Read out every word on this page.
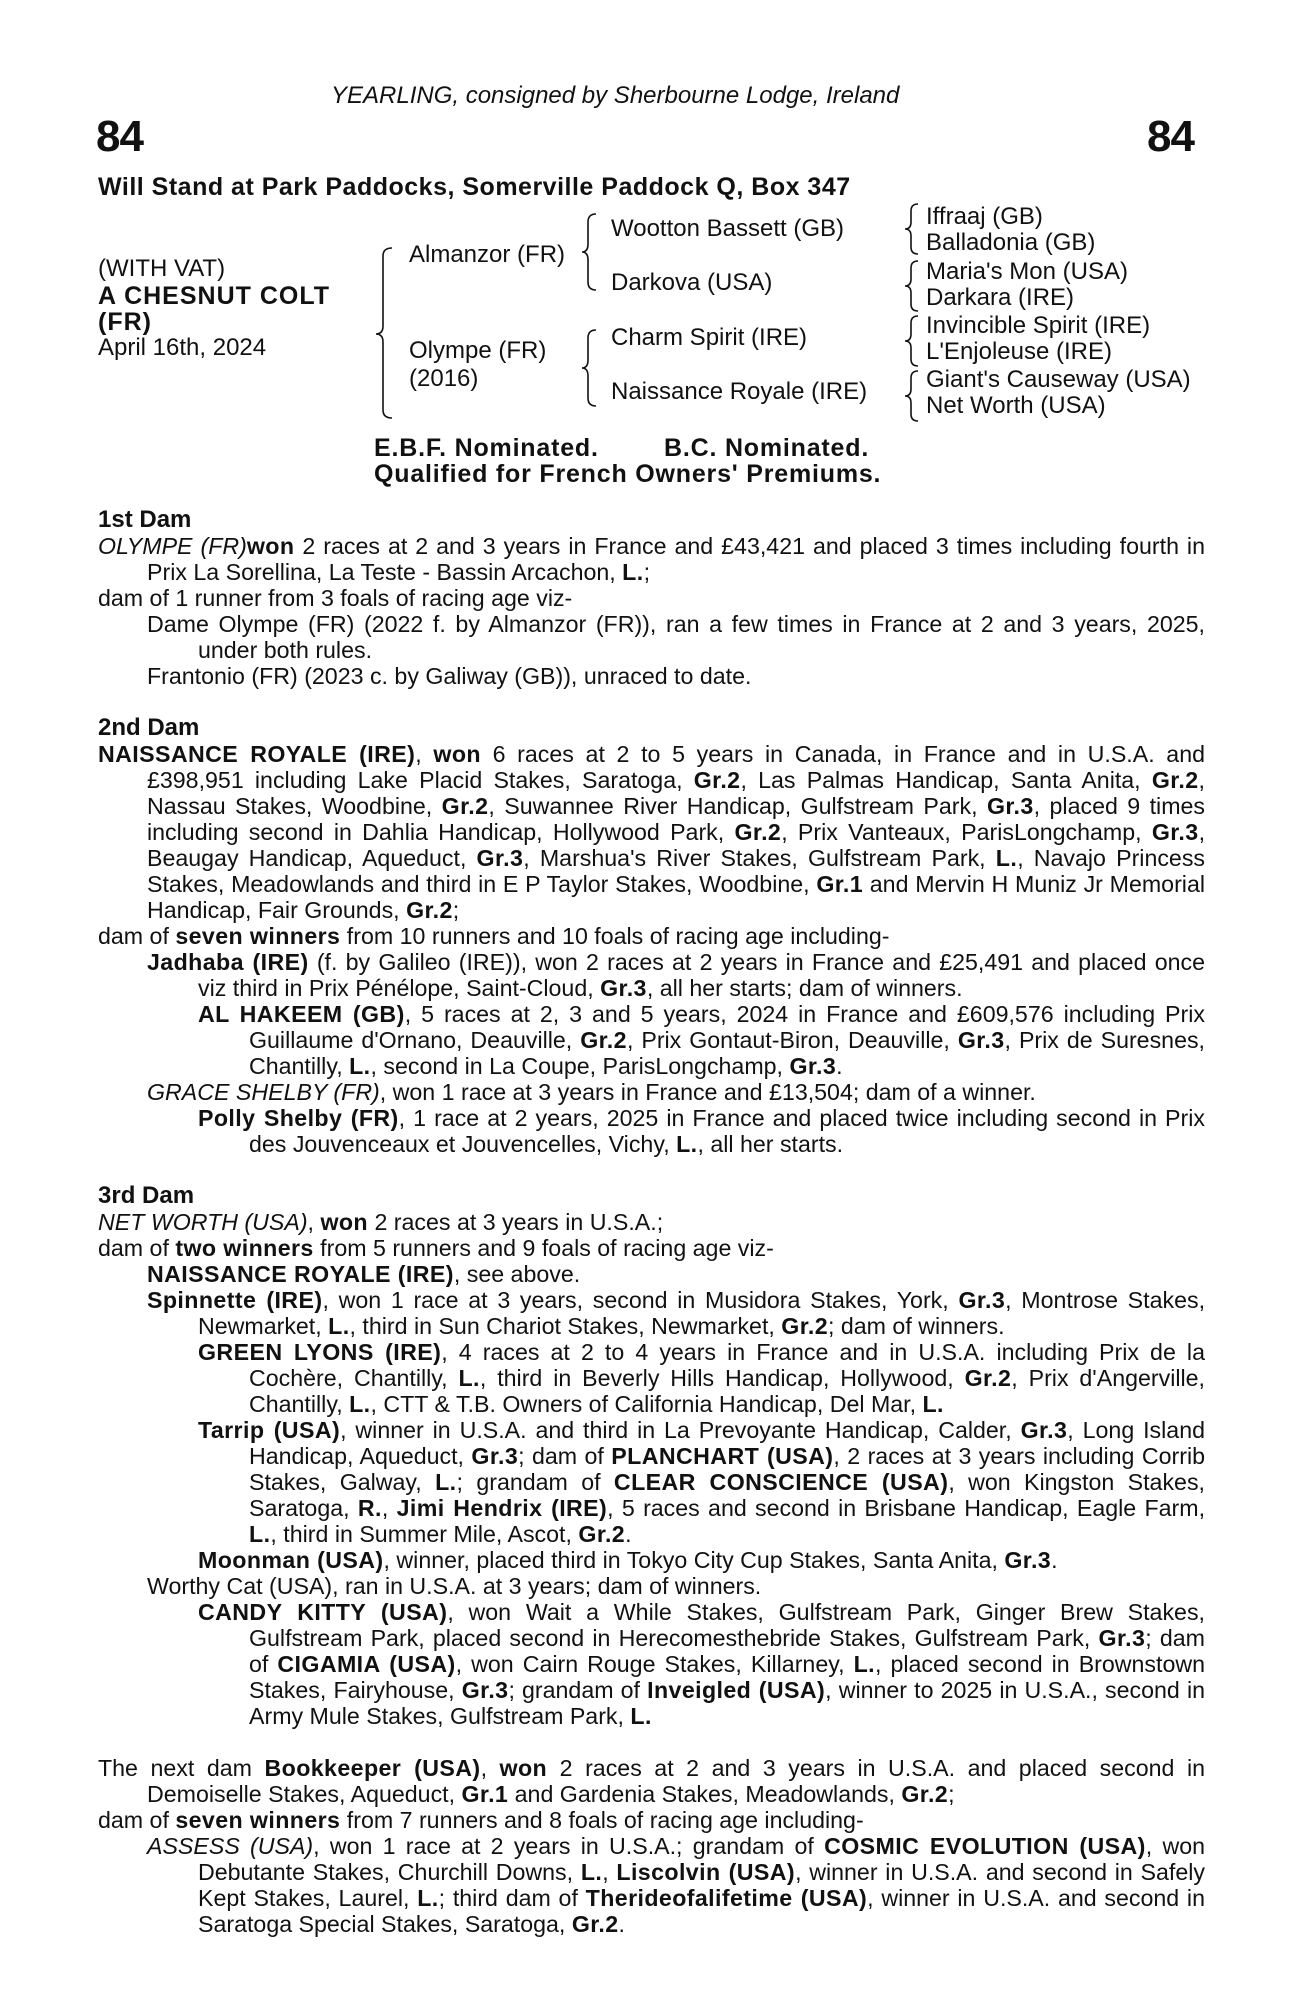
YEARLING, consigned by Sherbourne Lodge, Ireland
84	84
Will Stand at Park Paddocks, Somerville Paddock Q, Box 347
(WITH VAT)
A CHESNUT COLT
(FR)
April 16th, 2024
Almanzor (FR)
Olympe (FR)
(2016)
Wootton Bassett (GB)
Darkova (USA)
Charm Spirit (IRE)
Naissance Royale (IRE)
Iffraaj (GB)
Balladonia (GB)
Maria's Mon (USA)
Darkara (IRE)
Invincible Spirit (IRE)
L'Enjoleuse (IRE)
Giant's Causeway (USA)
Net Worth (USA)
E.B.F. Nominated.	B.C. Nominated.
Qualified for French Owners' Premiums.

1st Dam

OLYMPE (FR)won 2 races at 2 and 3 years in France and £43,421 and placed 3 times including fourth in Prix La Sorellina, La Teste - Bassin Arcachon, L.;

dam of 1 runner from 3 foals of racing age viz-

Dame Olympe (FR) (2022 f. by Almanzor (FR)), ran a few times in France at 2 and 3 years, 2025, under both rules.

Frantonio (FR) (2023 c. by Galiway (GB)), unraced to date.

2nd Dam

NAISSANCE ROYALE (IRE), won 6 races at 2 to 5 years in Canada, in France and in U.S.A. and £398,951 including Lake Placid Stakes, Saratoga, Gr.2, Las Palmas Handicap, Santa Anita, Gr.2, Nassau Stakes, Woodbine, Gr.2, Suwannee River Handicap, Gulfstream Park, Gr.3, placed 9 times including second in Dahlia Handicap, Hollywood Park, Gr.2, Prix Vanteaux, ParisLongchamp, Gr.3, Beaugay Handicap, Aqueduct, Gr.3, Marshua's River Stakes, Gulfstream Park, L., Navajo Princess Stakes, Meadowlands and third in E P Taylor Stakes, Woodbine, Gr.1 and Mervin H Muniz Jr Memorial Handicap, Fair Grounds, Gr.2;

dam of seven winners from 10 runners and 10 foals of racing age including-

Jadhaba (IRE) (f. by Galileo (IRE)), won 2 races at 2 years in France and £25,491 and placed once viz third in Prix Pénélope, Saint-Cloud, Gr.3, all her starts; dam of winners.

AL HAKEEM (GB), 5 races at 2, 3 and 5 years, 2024 in France and £609,576 including Prix Guillaume d'Ornano, Deauville, Gr.2, Prix Gontaut-Biron, Deauville, Gr.3, Prix de Suresnes, Chantilly, L., second in La Coupe, ParisLongchamp, Gr.3.

GRACE SHELBY (FR), won 1 race at 3 years in France and £13,504; dam of a winner.

Polly Shelby (FR), 1 race at 2 years, 2025 in France and placed twice including second in Prix des Jouvenceaux et Jouvencelles, Vichy, L., all her starts.

3rd Dam

NET WORTH (USA), won 2 races at 3 years in U.S.A.;

dam of two winners from 5 runners and 9 foals of racing age viz-

NAISSANCE ROYALE (IRE), see above.

Spinnette (IRE), won 1 race at 3 years, second in Musidora Stakes, York, Gr.3, Montrose Stakes, Newmarket, L., third in Sun Chariot Stakes, Newmarket, Gr.2; dam of winners.

GREEN LYONS (IRE), 4 races at 2 to 4 years in France and in U.S.A. including Prix de la Cochère, Chantilly, L., third in Beverly Hills Handicap, Hollywood, Gr.2, Prix d'Angerville, Chantilly, L., CTT & T.B. Owners of California Handicap, Del Mar, L.

Tarrip (USA), winner in U.S.A. and third in La Prevoyante Handicap, Calder, Gr.3, Long Island Handicap, Aqueduct, Gr.3; dam of PLANCHART (USA), 2 races at 3 years including Corrib Stakes, Galway, L.; grandam of CLEAR CONSCIENCE (USA), won Kingston Stakes, Saratoga, R., Jimi Hendrix (IRE), 5 races and second in Brisbane Handicap, Eagle Farm, L., third in Summer Mile, Ascot, Gr.2.

Moonman (USA), winner, placed third in Tokyo City Cup Stakes, Santa Anita, Gr.3.

Worthy Cat (USA), ran in U.S.A. at 3 years; dam of winners.

CANDY KITTY (USA), won Wait a While Stakes, Gulfstream Park, Ginger Brew Stakes, Gulfstream Park, placed second in Herecomesthebride Stakes, Gulfstream Park, Gr.3; dam of CIGAMIA (USA), won Cairn Rouge Stakes, Killarney, L., placed second in Brownstown Stakes, Fairyhouse, Gr.3; grandam of Inveigled (USA), winner to 2025 in U.S.A., second in Army Mule Stakes, Gulfstream Park, L.

The next dam Bookkeeper (USA), won 2 races at 2 and 3 years in U.S.A. and placed second in Demoiselle Stakes, Aqueduct, Gr.1 and Gardenia Stakes, Meadowlands, Gr.2;

dam of seven winners from 7 runners and 8 foals of racing age including-

ASSESS (USA), won 1 race at 2 years in U.S.A.; grandam of COSMIC EVOLUTION (USA), won Debutante Stakes, Churchill Downs, L., Liscolvin (USA), winner in U.S.A. and second in Safely Kept Stakes, Laurel, L.; third dam of Therideofalifetime (USA), winner in U.S.A. and second in Saratoga Special Stakes, Saratoga, Gr.2.
